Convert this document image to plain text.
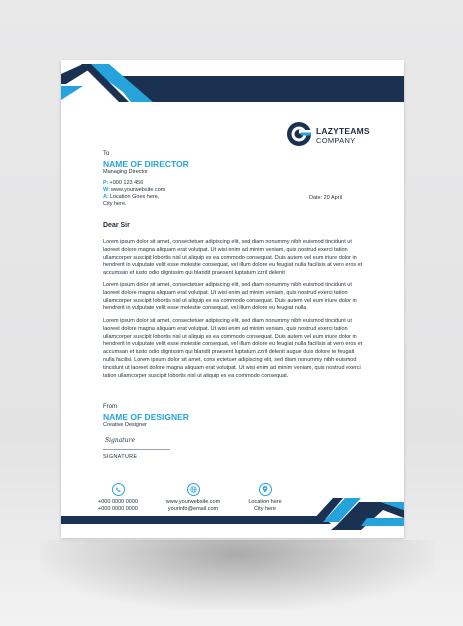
LAZYTEAMS
COMPANY
To
NAME OF DIRECTOR
Managing Director
P:+000 123 456
W:www.yourwebsite.com
A:Location Goes here,
City here.
Date: 20 April
Dear Sir

Lorem ipsum dolor sit amet, consectetuer adipiscing elit, sed diam nonummy nibh euismod tincidunt ut laoreet dolore magna aliquam erat volutpat. Ut wisi enim ad minim veniam, quis nostrud exerci tation ullamcorper suscipit lobortis nisl ut aliquip ex ea commodo consequat. Duis autem vel eum iriure dolor in hendrerit in vulputate velit esse molestie consequat, vel illum dolore eu feugiat nulla facilisis at vero eros et accumsan et iusto odio dignissim qui blandit praesent luptatum zzril delenit

Lorem ipsum dolor sit amet, consectetuer adipiscing elit, sed diam nonummy nibh euismod tincidunt ut laoreet dolore magna aliquam erat volutpat. Ut wisi enim ad minim veniam, quis nostrud exerci tation ullamcorper suscipit lobortis nisl ut aliquip ex ea commodo consequat. Duis autem vel eum iriure dolor in hendrerit in vulputate velit esse molestie consequat, vel illum dolore eu feugiat nulla

Lorem ipsum dolor sit amet, consectetuer adipiscing elit, sed diam nonummy nibh euismod tincidunt ut laoreet dolore magna aliquam erat volutpat. Ut wisi enim ad minim veniam, quis nostrud exerci tation ullamcorper suscipit lobortis nisl ut aliquip ex ea commodo consequat. Duis autem vel eum iriure dolor in hendrerit in vulputate velit esse molestie consequat, vel illum dolore eu feugiat nulla facilisis at vero eros et accumsan et iusto odio dignissim qui blandit praesent luptatum zzril delenit augue duis dolore te feugait nulla facilisi. Lorem ipsum dolor sit amet, cons ectetuer adipiscing elit, sed diam nonummy nibh euismod tincidunt ut laoreet dolore magna aliquam erat volutpat. Ut wisi enim ad minim veniam, quis nostrud exerci tation ullamcorper suscipit lobortis nisl ut aliquip ex ea commodo consequat.

From
NAME OF DESIGNER
Creative Designer
Signature
SIGNATURE
+000 0000 0000
+000 0000 0000
www.yourwebsite.com
yourinfo@email.com
Location here
City here
